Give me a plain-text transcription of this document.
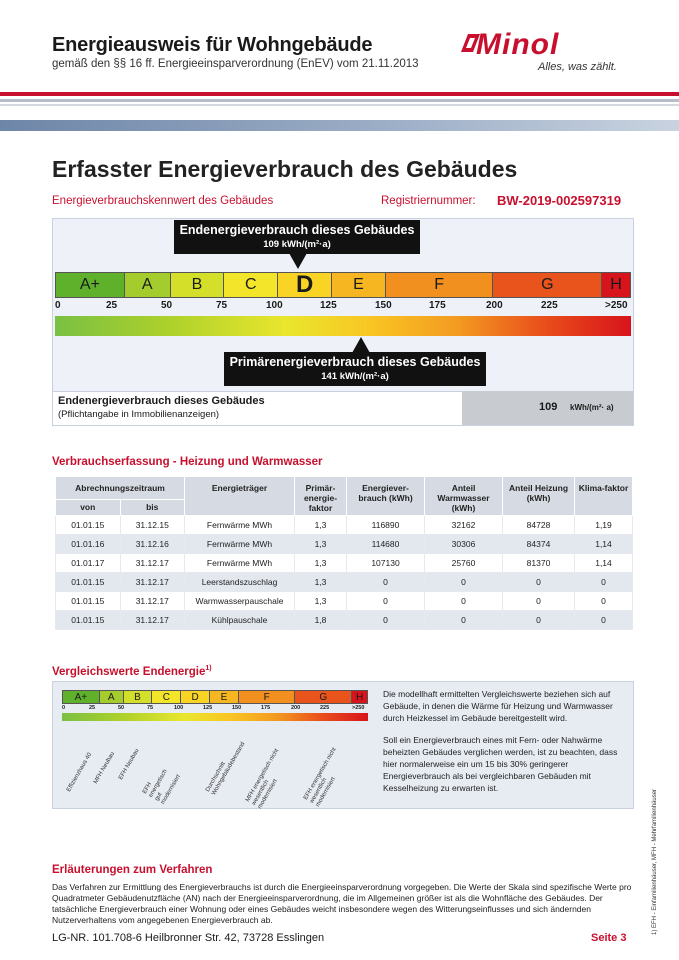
Energieausweis für Wohngebäude
gemäß den §§ 16 ff. Energieeinsparverordnung (EnEV) vom 21.11.2013
Minol
Alles, was zählt.
Erfasster Energieverbrauch des Gebäudes
Energieverbrauchskennwert des Gebäudes	Registriernummer: BW-2019-002597319
Endenergieverbrauch dieses Gebäudes
109 kWh/(m²·a)
A+	A	B	C	D	E	F	G	H
0	25	50	75	100	125	150	175	200	225	>250
Primärenergieverbrauch dieses Gebäudes
141 kWh/(m²·a)
Endenergieverbrauch dieses Gebäudes
(Pflichtangabe in Immobilienanzeigen)
109 kWh/(m²· a)
Verbrauchserfassung - Heizung und Warmwasser
Abrechnungszeitraum		Energieträger	Primär-energie-faktor	Energiever-brauch (kWh)	Anteil Warmwasser (kWh)	Anteil Heizung (kWh)	Klima-faktor
von	bis						
01.01.15	31.12.15	Fernwärme MWh	1,3	116890	32162	84728	1,19
01.01.16	31.12.16	Fernwärme MWh	1,3	114680	30306	84374	1,14
01.01.17	31.12.17	Fernwärme MWh	1,3	107130	25760	81370	1,14
01.01.15	31.12.17	Leerstandszuschlag	1,3	0	0	0	0
01.01.15	31.12.17	Warmwasserpauschale	1,3	0	0	0	0
01.01.15	31.12.17	Kühlpauschale	1,8	0	0	0	0
Vergleichswerte Endenergie$^{1)}$
A+	A	B	C	D	E	F	G	H
0	25	50	75	100	125	150	175	200	225	>250
Effizienzhaus 40 MFH Neubau EFH Neubau
EFH energetisch gut modernisiert	Durchschnitt Wohngebäudebestand
MFH energetisch nicht wesentlich modernisiert	EFH energetisch nicht wesentlich modernisiert
Die modellhaft ermittelten Vergleichswerte beziehen sich auf Gebäude, in denen die Wärme für Heizung und Warmwasser durch Heizkessel im Gebäude bereitgestellt wird.
Soll ein Energieverbrauch eines mit Fern- oder Nahwärme beheizten Gebäudes verglichen werden, ist zu beachten, dass hier normalerweise ein um 15 bis 30% geringerer Energieverbrauch als bei vergleichbaren Gebäuden mit Kesselheizung zu erwarten ist.
1) EFH - Einfamilienhäuser, MFH - Mehrfamilienhäuser
Erläuterungen zum Verfahren
Das Verfahren zur Ermittlung des Energieverbrauchs ist durch die Energieeinsparverordnung vorgegeben. Die Werte der Skala sind spezifische Werte pro Quadratmeter Gebäudenutzfläche (AN) nach der Energieeinsparverordnung, die im Allgemeinen größer ist als die Wohnfläche des Gebäudes. Der tatsächliche Energieverbrauch einer Wohnung oder eines Gebäudes weicht insbesondere wegen des Witterungseinflusses und sich ändernden Nutzerverhaltens vom angegebenen Energieverbrauch ab.
LG-NR. 101.708-6 Heilbronner Str. 42, 73728 Esslingen	Seite 3
